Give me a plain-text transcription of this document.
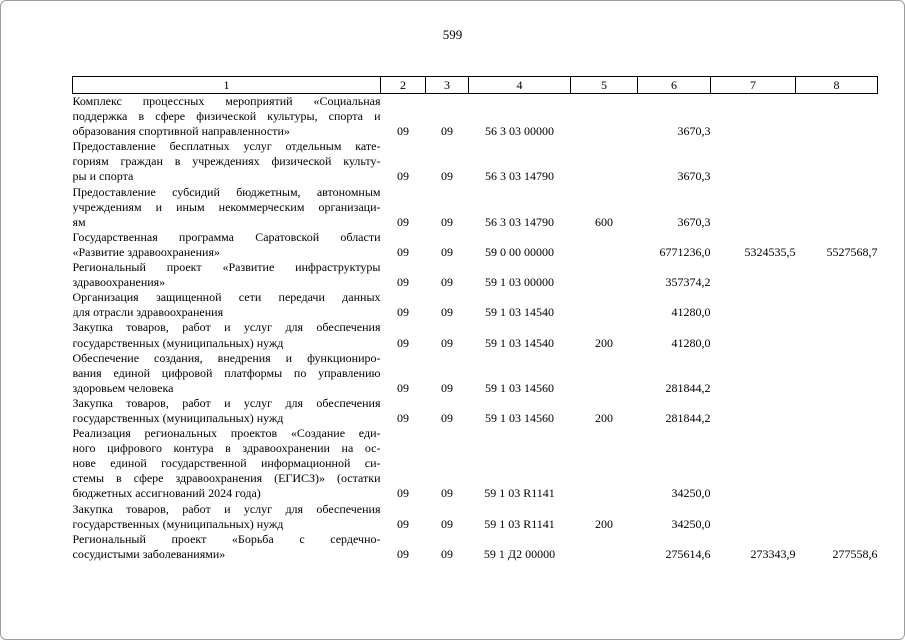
599
1	2	3	4	5	6	7	8

Комплекс процессных мероприятий «Социальная
поддержка в сфере физической культуры, спорта и
образования спортивной направленности»	09	09	56 3 03 00000		3670,3		

Предоставление бесплатных услуг отдельным кате-
гориям граждан в учреждениях физической культу-
ры и спорта	09	09	56 3 03 14790		3670,3		

Предоставление субсидий бюджетным, автономным
учреждениям и иным некоммерческим организаци-
ям	09	09	56 3 03 14790	600	3670,3		

Государственная программа Саратовской области
«Развитие здравоохранения»	09	09	59 0 00 00000		6771236,0	5324535,5	5527568,7

Региональный проект «Развитие инфраструктуры
здравоохранения»	09	09	59 1 03 00000		357374,2		

Организация защищенной сети передачи данных
для отрасли здравоохранения	09	09	59 1 03 14540		41280,0		

Закупка товаров, работ и услуг для обеспечения
государственных (муниципальных) нужд	09	09	59 1 03 14540	200	41280,0		

Обеспечение создания, внедрения и функциониро-
вания единой цифровой платформы по управлению
здоровьем человека	09	09	59 1 03 14560		281844,2		

Закупка товаров, работ и услуг для обеспечения
государственных (муниципальных) нужд	09	09	59 1 03 14560	200	281844,2		

Реализация региональных проектов «Создание еди-
ного цифрового контура в здравоохранении на ос-
нове единой государственной информационной си-
стемы в сфере здравоохранения (ЕГИСЗ)» (остатки
бюджетных ассигнований 2024 года)	09	09	59 1 03 R1141		34250,0		

Закупка товаров, работ и услуг для обеспечения
государственных (муниципальных) нужд	09	09	59 1 03 R1141	200	34250,0		

Региональный проект «Борьба с сердечно-
сосудистыми заболеваниями»	09	09	59 1 Д2 00000		275614,6	273343,9	277558,6
